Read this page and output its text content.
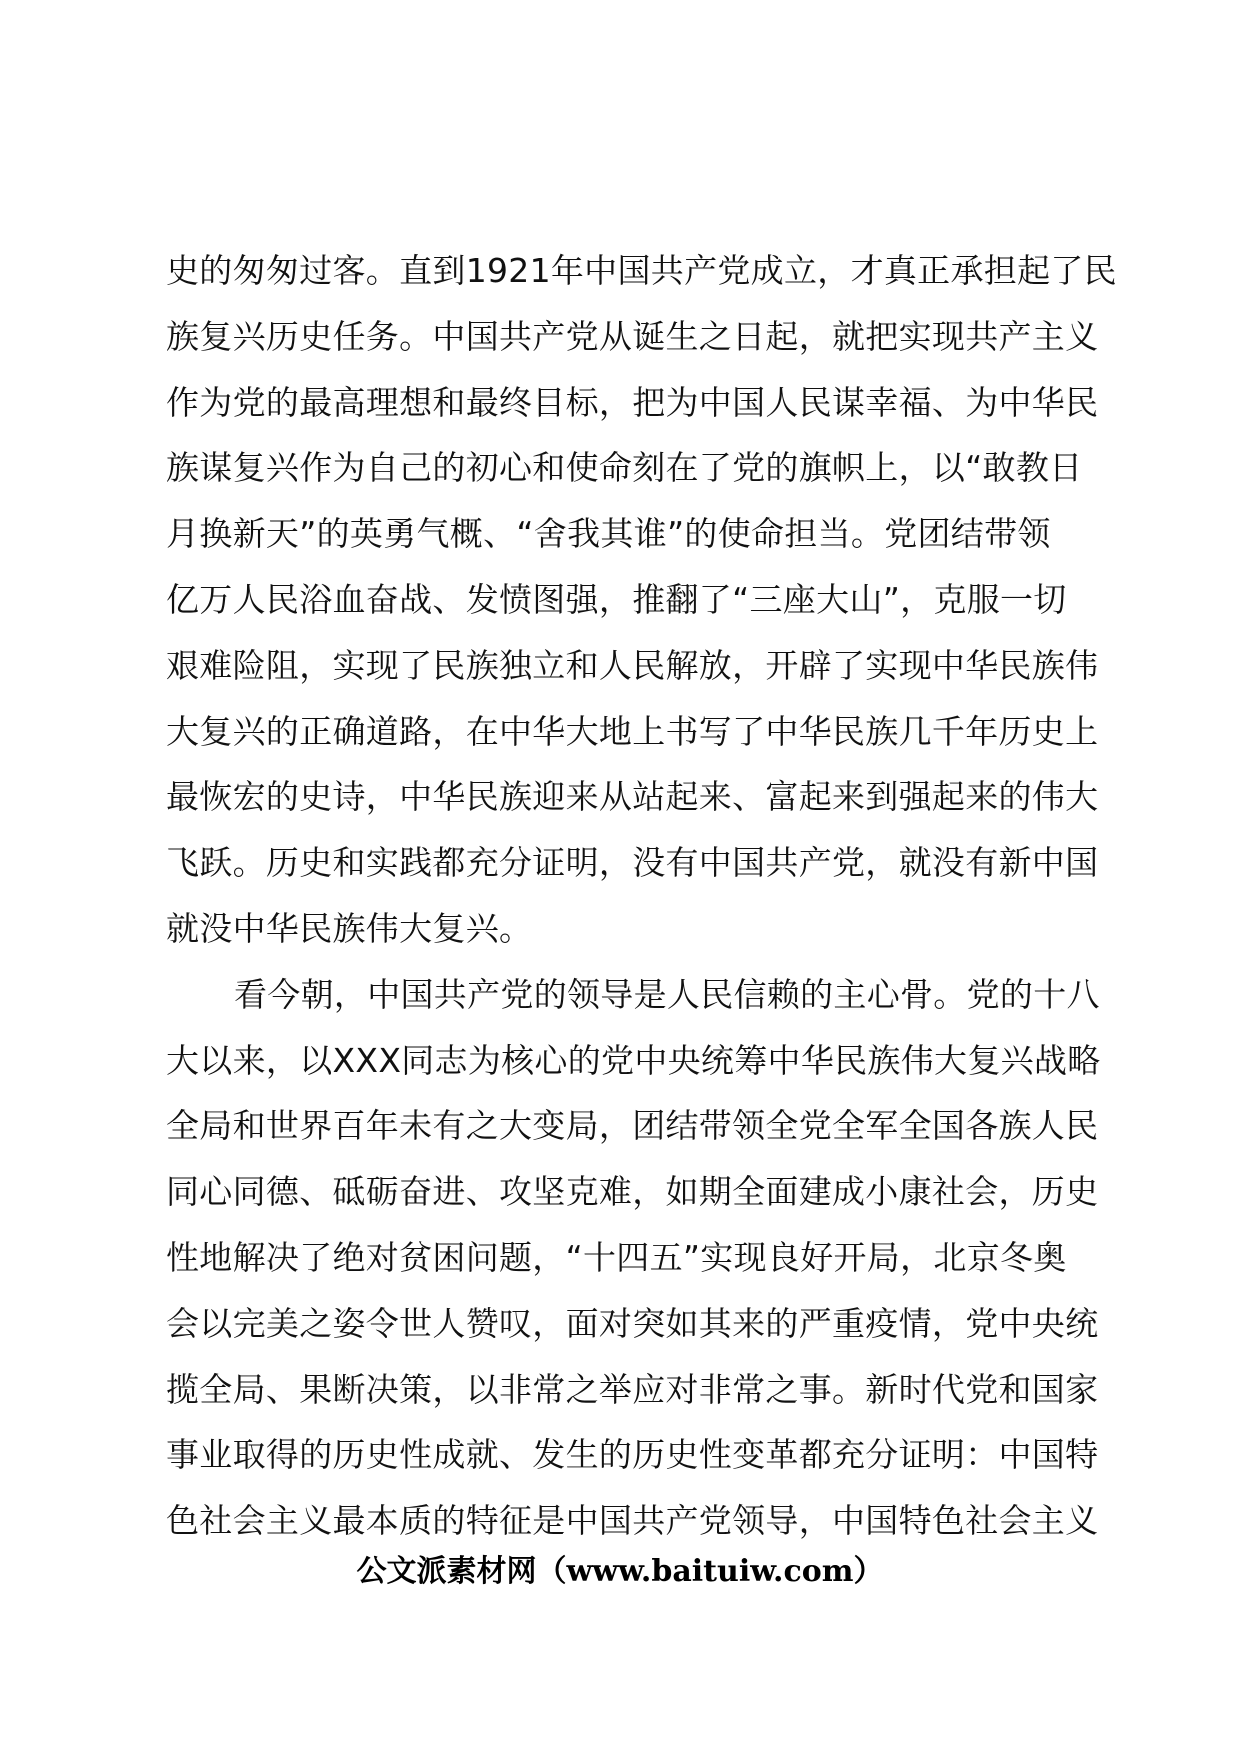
史的匆匆过客。直到1921年中国共产党成立，才真正承担起了民
族复兴历史任务。中国共产党从诞生之日起，就把实现共产主义
作为党的最高理想和最终目标，把为中国人民谋幸福、为中华民
族谋复兴作为自己的初心和使命刻在了党的旗帜上，以“敢教日
月换新天”的英勇气概、“舍我其谁”的使命担当。党团结带领
亿万人民浴血奋战、发愤图强，推翻了“三座大山”，克服一切
艰难险阻，实现了民族独立和人民解放，开辟了实现中华民族伟
大复兴的正确道路，在中华大地上书写了中华民族几千年历史上
最恢宏的史诗，中华民族迎来从站起来、富起来到强起来的伟大
飞跃。历史和实践都充分证明，没有中国共产党，就没有新中国
就没中华民族伟大复兴。
看今朝，中国共产党的领导是人民信赖的主心骨。党的十八
大以来，以XXX同志为核心的党中央统筹中华民族伟大复兴战略
全局和世界百年未有之大变局，团结带领全党全军全国各族人民
同心同德、砥砺奋进、攻坚克难，如期全面建成小康社会，历史
性地解决了绝对贫困问题，“十四五”实现良好开局，北京冬奥
会以完美之姿令世人赞叹，面对突如其来的严重疫情，党中央统
揽全局、果断决策，以非常之举应对非常之事。新时代党和国家
事业取得的历史性成就、发生的历史性变革都充分证明：中国特
色社会主义最本质的特征是中国共产党领导，中国特色社会主义
公文派素材网（www.baituiw.com）
